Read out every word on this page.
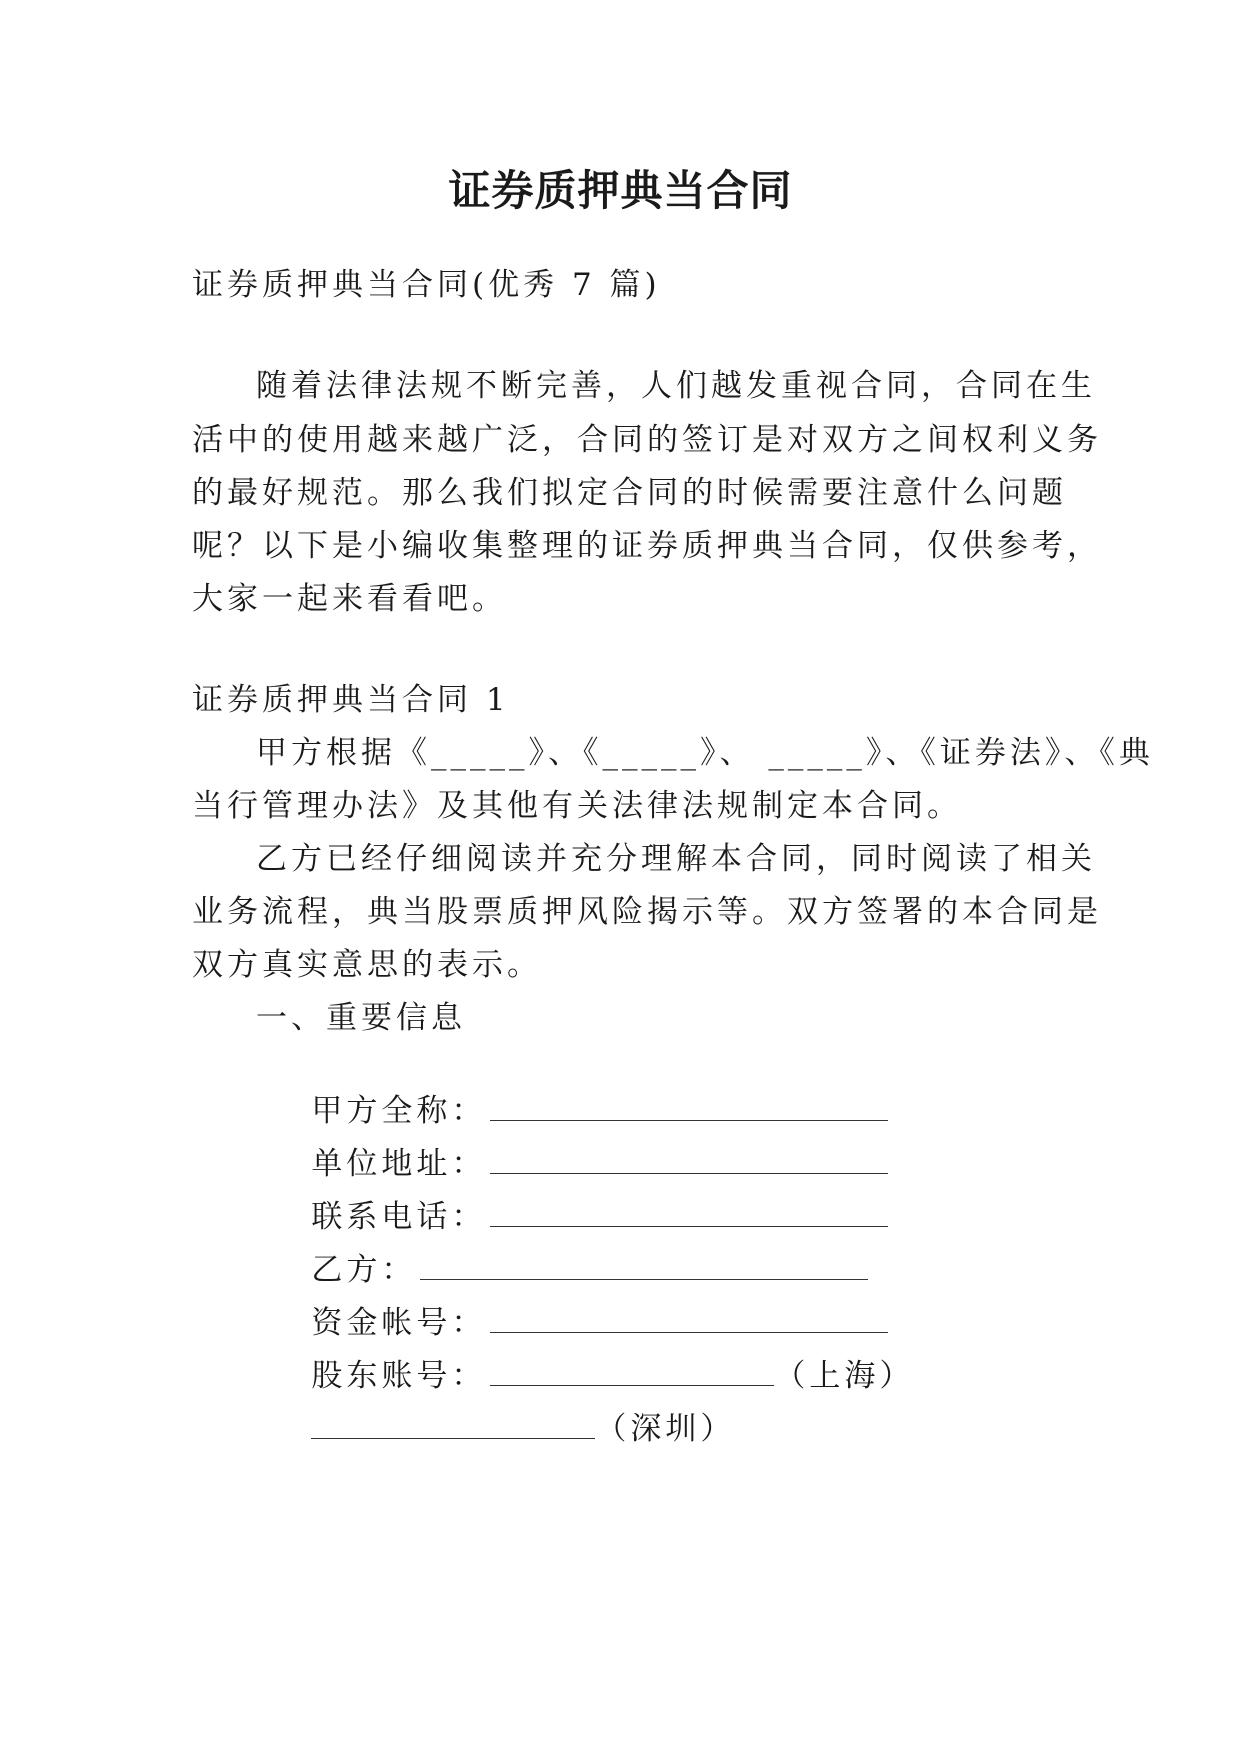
证券质押典当合同
证券质押典当合同(优秀 7 篇)
随着法律法规不断完善，人们越发重视合同，合同在生
活中的使用越来越广泛，合同的签订是对双方之间权利义务
的最好规范。那么我们拟定合同的时候需要注意什么问题
呢？以下是小编收集整理的证券质押典当合同，仅供参考，
大家一起来看看吧。
证券质押典当合同 1
甲方根据《_____》、《_____》、 _____》、《证券法》、《典
当行管理办法》及其他有关法律法规制定本合同。
乙方已经仔细阅读并充分理解本合同，同时阅读了相关
业务流程，典当股票质押风险揭示等。双方签署的本合同是
双方真实意思的表示。
一、重要信息

甲方全称：

单位地址：

联系电话：

乙方：

资金帐号：

股东账号：	（上海）

（深圳）
